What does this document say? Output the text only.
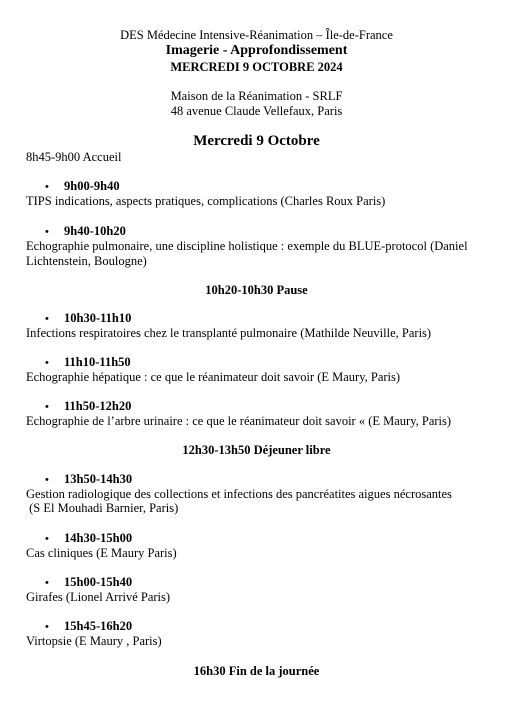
DES Médecine Intensive-Réanimation – Île-de-France
Imagerie - Approfondissement
MERCREDI 9 OCTOBRE 2024
Maison de la Réanimation - SRLF
48 avenue Claude Vellefaux, Paris
Mercredi 9 Octobre
8h45-9h00 Accueil
• 9h00-9h40
TIPS indications, aspects pratiques, complications (Charles Roux Paris)
• 9h40-10h20
Echographie pulmonaire, une discipline holistique : exemple du BLUE-protocol (Daniel
Lichtenstein, Boulogne)
10h20-10h30 Pause
• 10h30-11h10
Infections respiratoires chez le transplanté pulmonaire (Mathilde Neuville, Paris)
• 11h10-11h50
Echographie hépatique : ce que le réanimateur doit savoir (E Maury, Paris)
• 11h50-12h20
Echographie de l’arbre urinaire : ce que le réanimateur doit savoir « (E Maury, Paris)
12h30-13h50 Déjeuner libre
• 13h50-14h30
Gestion radiologique des collections et infections des pancréatites aigues nécrosantes
(S El Mouhadi Barnier, Paris)
• 14h30-15h00
Cas cliniques (E Maury Paris)
• 15h00-15h40
Girafes (Lionel Arrivé Paris)
• 15h45-16h20
Virtopsie (E Maury , Paris)
16h30 Fin de la journée
